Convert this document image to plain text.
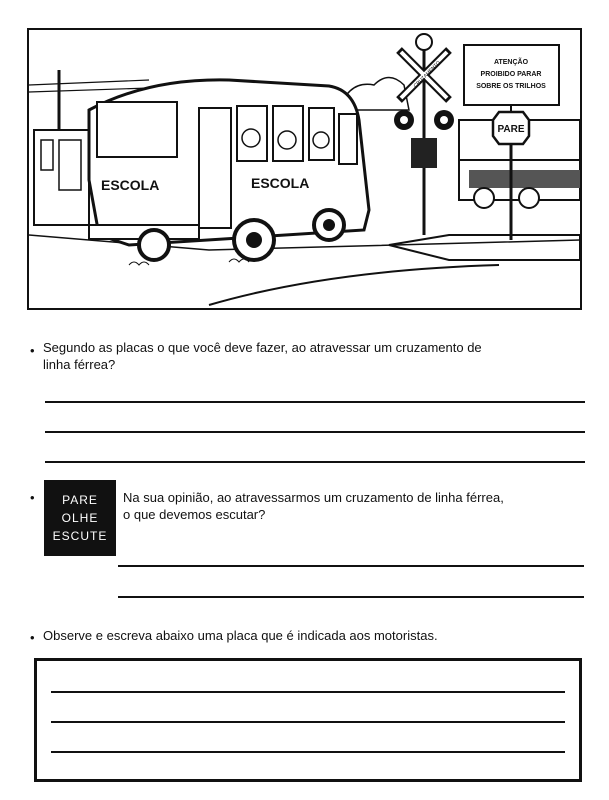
ESCOLA	ESCOLA
CRUZAMENTO	ATENÇÃO
PROIBIDO PARAR
SOBRE OS TRILHOS
PARE
• Segundo as placas o que você deve fazer, ao atravessar um cruzamento de
linha férrea?
• PARE
OLHE
ESCUTE
Na sua opinião, ao atravessarmos um cruzamento de linha férrea,
o que devemos escutar?
• Observe e escreva abaixo uma placa que é indicada aos motoristas.
